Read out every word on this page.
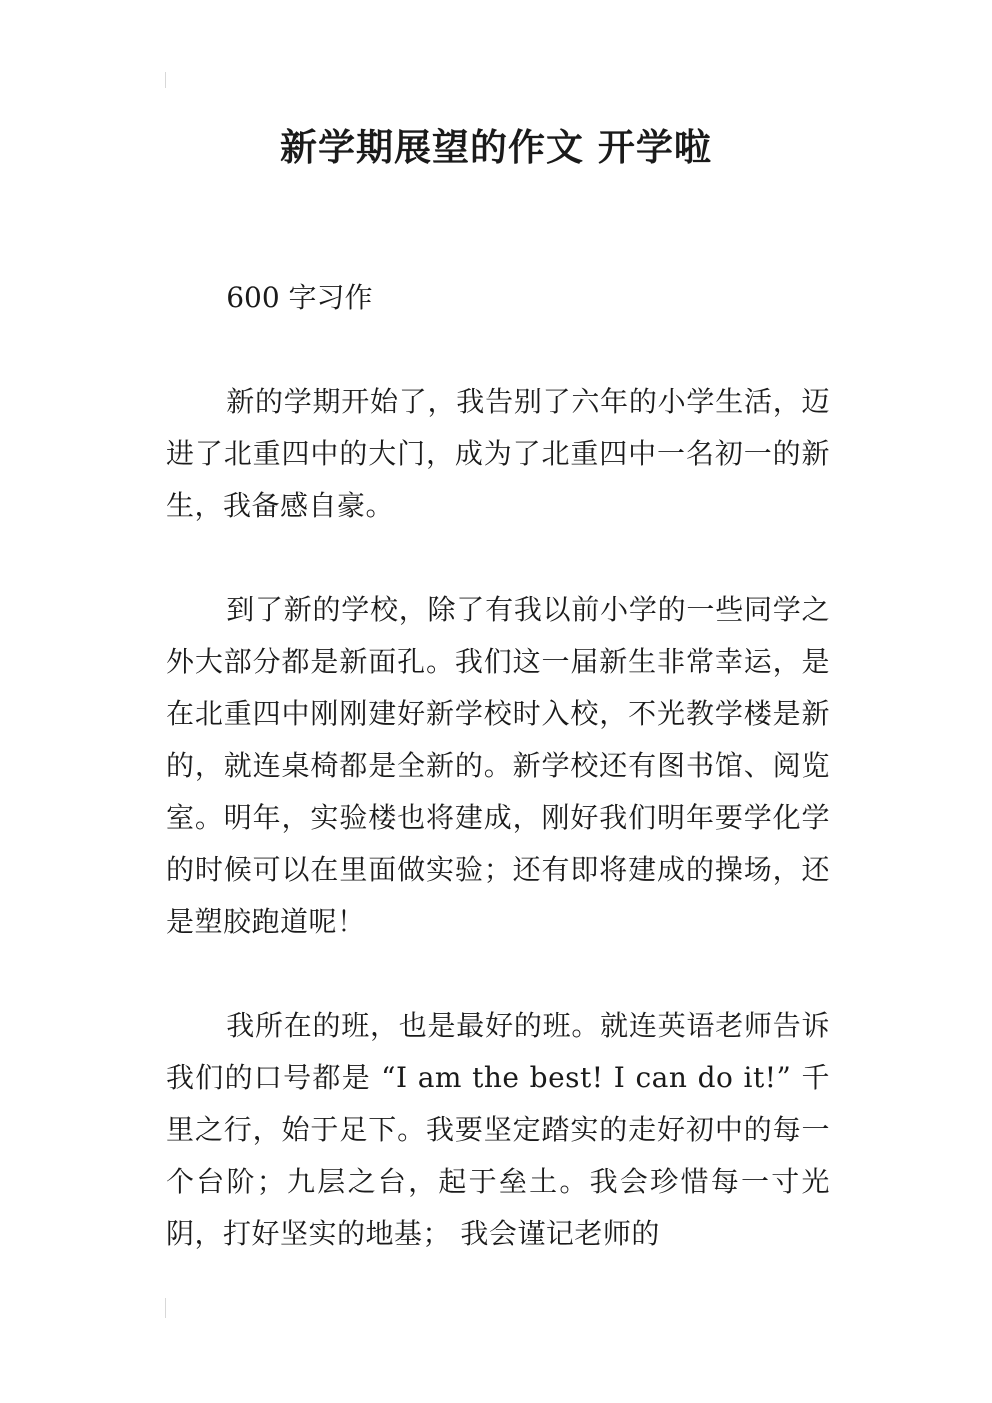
新学期展望的作文 开学啦

600 字习作

新的学期开始了，我告别了六年的小学生活，迈进了北重四中的大门，成为了北重四中一名初一的新生，我备感自豪。

到了新的学校，除了有我以前小学的一些同学之外大部分都是新面孔。我们这一届新生非常幸运，是在北重四中刚刚建好新学校时入校，不光教学楼是新的，就连桌椅都是全新的。新学校还有图书馆、阅览室。明年，实验楼也将建成，刚好我们明年要学化学的时候可以在里面做实验；还有即将建成的操场，还是塑胶跑道呢！

我所在的班，也是最好的班。就连英语老师告诉我们的口号都是 “I am the best! I can do it!” 千里之行，始于足下。我要坚定踏实的走好初中的每一个台阶；九层之台，起于垒土。我会珍惜每一寸光阴，打好坚实的地基； 我会谨记老师的
